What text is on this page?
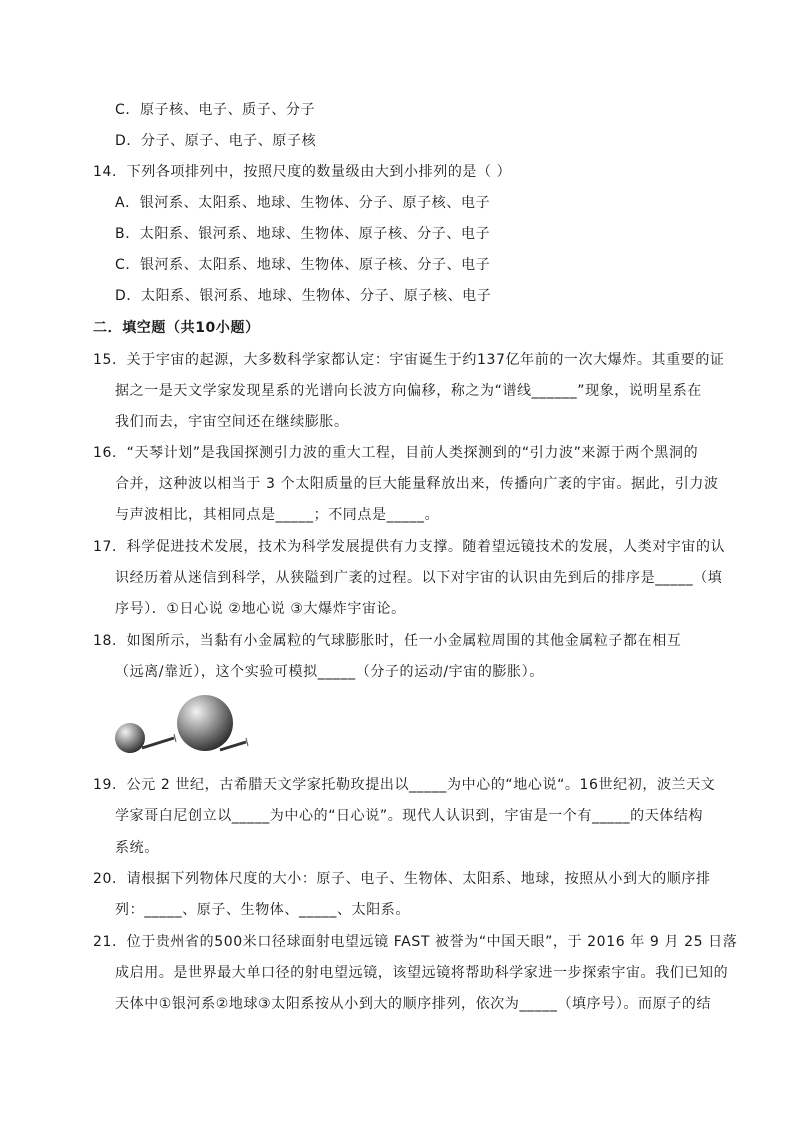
C．原子核、电子、质子、分子
D．分子、原子、电子、原子核
14．下列各项排列中，按照尺度的数量级由大到小排列的是（ ）
A．银河系、太阳系、地球、生物体、分子、原子核、电子
B．太阳系、银河系、地球、生物体、原子核、分子、电子
C．银河系、太阳系、地球、生物体、原子核、分子、电子
D．太阳系、银河系、地球、生物体、分子、原子核、电子
二．填空题（共10小题）
15．关于宇宙的起源，大多数科学家都认定：宇宙诞生于约137亿年前的一次大爆炸。其重要的证
据之一是天文学家发现星系的光谱向长波方向偏移，称之为“谱线______”现象，说明星系在
我们而去，宇宙空间还在继续膨胀。
16．“天琴计划”是我国探测引力波的重大工程，目前人类探测到的“引力波”来源于两个黑洞的
合并，这种波以相当于 3 个太阳质量的巨大能量释放出来，传播向广袤的宇宙。据此，引力波
与声波相比，其相同点是_____；不同点是_____。
17．科学促进技术发展，技术为科学发展提供有力支撑。随着望远镜技术的发展，人类对宇宙的认
识经历着从迷信到科学，从狭隘到广袤的过程。以下对宇宙的认识由先到后的排序是_____（填
序号）．①日心说 ②地心说 ③大爆炸宇宙论。
18．如图所示，当黏有小金属粒的气球膨胀时，任一小金属粒周围的其他金属粒子都在相互
（远离/靠近），这个实验可模拟_____（分子的运动/宇宙的膨胀）。
19．公元 2 世纪，古希腊天文学家托勒玫提出以_____为中心的“地心说“。16世纪初，波兰天文
学家哥白尼创立以_____为中心的“日心说”。现代人认识到，宇宙是一个有_____的天体结构
系统。
20．请根据下列物体尺度的大小：原子、电子、生物体、太阳系、地球，按照从小到大的顺序排
列：_____、原子、生物体、_____、太阳系。
21．位于贵州省的500米口径球面射电望远镜 FAST 被誉为“中国天眼”，于 2016 年 9 月 25 日落
成启用。是世界最大单口径的射电望远镜，该望远镜将帮助科学家进一步探索宇宙。我们已知的
天体中①银河系②地球③太阳系按从小到大的顺序排列，依次为_____（填序号）。而原子的结
